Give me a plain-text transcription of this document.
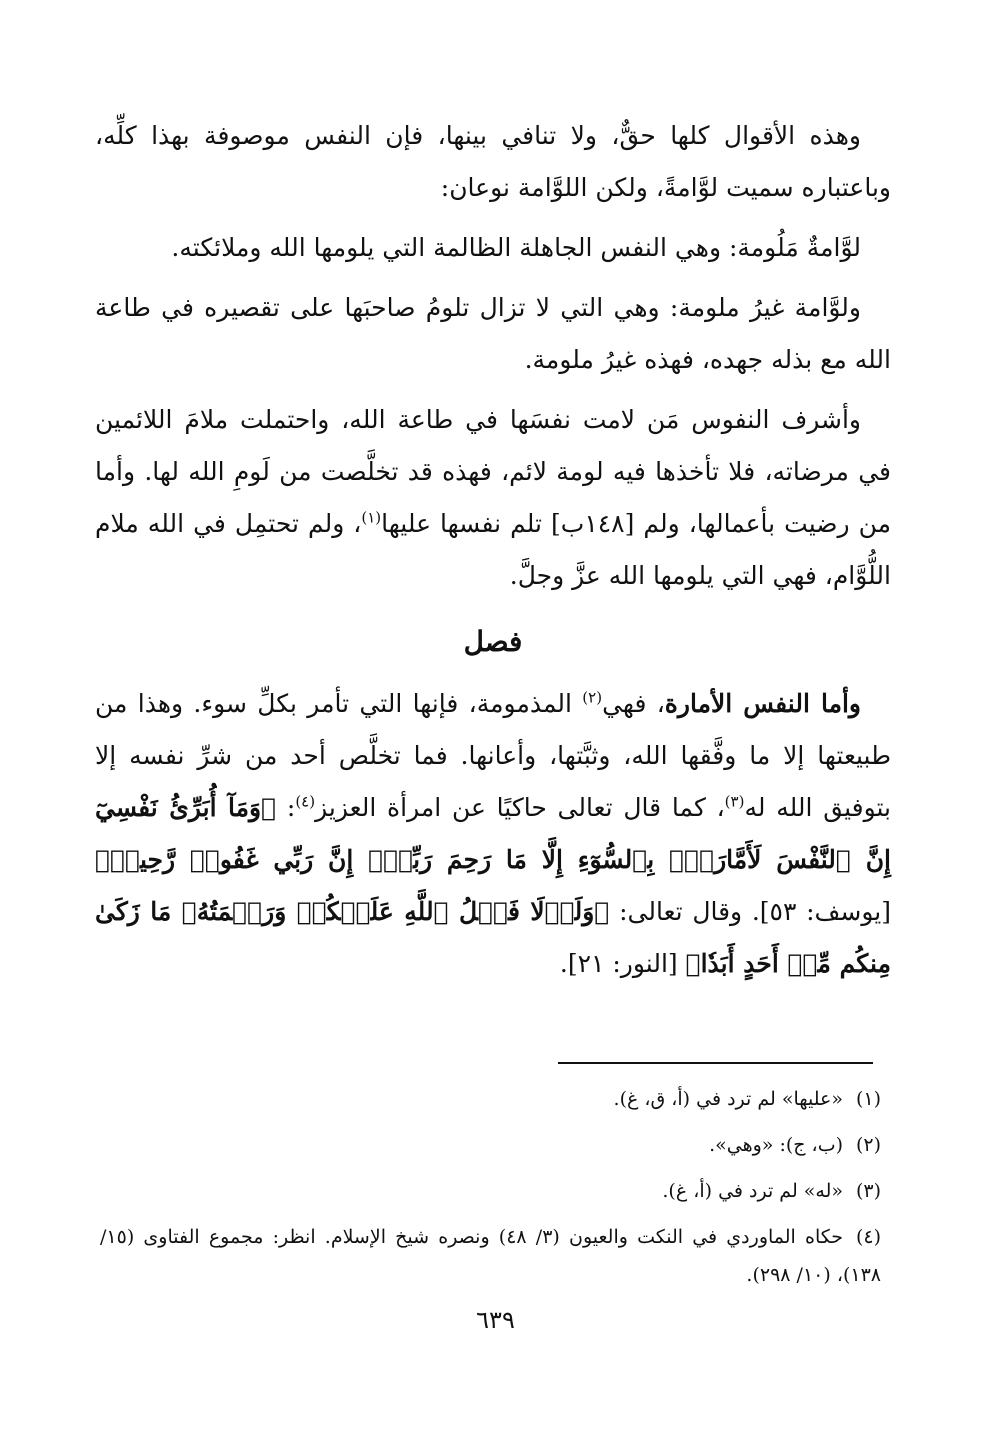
وهذه الأقوال كلها حقٌّ، ولا تنافي بينها، فإن النفس موصوفة بهذا كلِّه، وباعتباره سميت لوَّامةً، ولكن اللوَّامة نوعان:

لوَّامةٌ مَلُومة: وهي النفس الجاهلة الظالمة التي يلومها الله وملائكته.

ولوَّامة غيرُ ملومة: وهي التي لا تزال تلومُ صاحبَها على تقصيره في طاعة الله مع بذله جهده، فهذه غيرُ ملومة.

وأشرف النفوس مَن لامت نفسَها في طاعة الله، واحتملت ملامَ اللائمين في مرضاته، فلا تأخذها فيه لومة لائم، فهذه قد تخلَّصت من لَومِ الله لها. وأما من رضيت بأعمالها، ولم [١٤٨ب] تلم نفسها عليها$^{(١)}$، ولم تحتمِل في الله ملام اللُّوَّام، فهي التي يلومها الله عزَّ وجلَّ.

فصل

وأما النفس الأمارة، فهي$^{(٢)}$ المذمومة، فإنها التي تأمر بكلِّ سوء. وهذا من طبيعتها إلا ما وفَّقها الله، وثبَّتها، وأعانها. فما تخلَّص أحد من شرِّ نفسه إلا بتوفيق الله له$^{(٣)}$، كما قال تعالى حاكيًا عن امرأة العزيز$^{(٤)}$: ﴿وَمَآ أُبَرِّئُ نَفْسِيٓ إِنَّ ٱلنَّفْسَ لَأَمَّارَةُۢ بِٱلسُّوٓءِ إِلَّا مَا رَحِمَ رَبِّيٓۚ إِنَّ رَبِّي غَفُورٞ رَّحِيمٞ﴾ [يوسف: ٥٣]. وقال تعالى: ﴿وَلَوۡلَا فَضۡلُ ٱللَّهِ عَلَيۡكُمۡ وَرَحۡمَتُهُۥ مَا زَكَىٰ مِنكُم مِّنۡ أَحَدٍ أَبَدٗا﴾ [النور: ٢١].

(١)«عليها» لم ترد في (أ، ق، غ).

(٢)(ب، ج): «وهي».

(٣)«له» لم ترد في (أ، غ).

(٤)حكاه الماوردي في النكت والعيون (٣/ ٤٨) ونصره شيخ الإسلام. انظر: مجموع الفتاوى (١٥/ ١٣٨)، (١٠/ ٢٩٨).

٦٣٩
